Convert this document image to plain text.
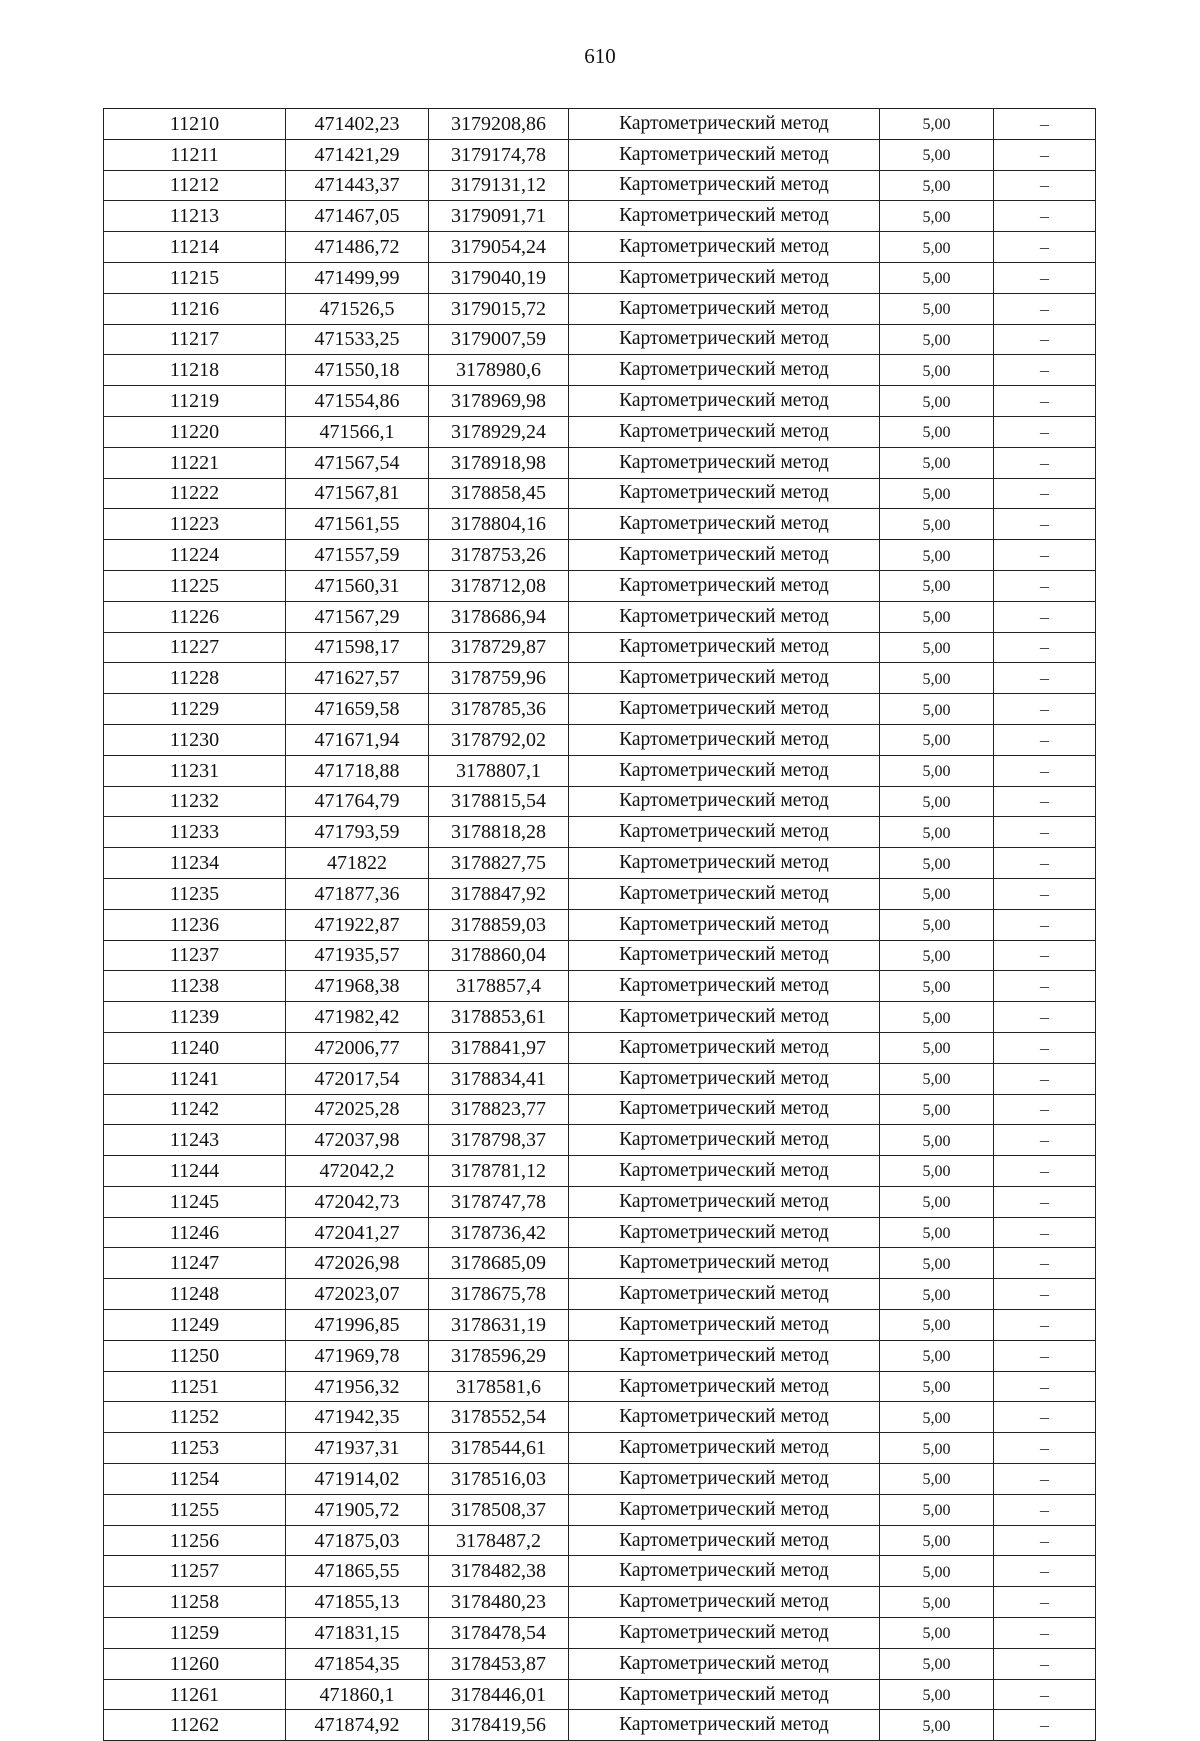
610
11210	471402,23	3179208,86	Картометрический метод	5,00	–
11211	471421,29	3179174,78	Картометрический метод	5,00	–
11212	471443,37	3179131,12	Картометрический метод	5,00	–
11213	471467,05	3179091,71	Картометрический метод	5,00	–
11214	471486,72	3179054,24	Картометрический метод	5,00	–
11215	471499,99	3179040,19	Картометрический метод	5,00	–
11216	471526,5	3179015,72	Картометрический метод	5,00	–
11217	471533,25	3179007,59	Картометрический метод	5,00	–
11218	471550,18	3178980,6	Картометрический метод	5,00	–
11219	471554,86	3178969,98	Картометрический метод	5,00	–
11220	471566,1	3178929,24	Картометрический метод	5,00	–
11221	471567,54	3178918,98	Картометрический метод	5,00	–
11222	471567,81	3178858,45	Картометрический метод	5,00	–
11223	471561,55	3178804,16	Картометрический метод	5,00	–
11224	471557,59	3178753,26	Картометрический метод	5,00	–
11225	471560,31	3178712,08	Картометрический метод	5,00	–
11226	471567,29	3178686,94	Картометрический метод	5,00	–
11227	471598,17	3178729,87	Картометрический метод	5,00	–
11228	471627,57	3178759,96	Картометрический метод	5,00	–
11229	471659,58	3178785,36	Картометрический метод	5,00	–
11230	471671,94	3178792,02	Картометрический метод	5,00	–
11231	471718,88	3178807,1	Картометрический метод	5,00	–
11232	471764,79	3178815,54	Картометрический метод	5,00	–
11233	471793,59	3178818,28	Картометрический метод	5,00	–
11234	471822	3178827,75	Картометрический метод	5,00	–
11235	471877,36	3178847,92	Картометрический метод	5,00	–
11236	471922,87	3178859,03	Картометрический метод	5,00	–
11237	471935,57	3178860,04	Картометрический метод	5,00	–
11238	471968,38	3178857,4	Картометрический метод	5,00	–
11239	471982,42	3178853,61	Картометрический метод	5,00	–
11240	472006,77	3178841,97	Картометрический метод	5,00	–
11241	472017,54	3178834,41	Картометрический метод	5,00	–
11242	472025,28	3178823,77	Картометрический метод	5,00	–
11243	472037,98	3178798,37	Картометрический метод	5,00	–
11244	472042,2	3178781,12	Картометрический метод	5,00	–
11245	472042,73	3178747,78	Картометрический метод	5,00	–
11246	472041,27	3178736,42	Картометрический метод	5,00	–
11247	472026,98	3178685,09	Картометрический метод	5,00	–
11248	472023,07	3178675,78	Картометрический метод	5,00	–
11249	471996,85	3178631,19	Картометрический метод	5,00	–
11250	471969,78	3178596,29	Картометрический метод	5,00	–
11251	471956,32	3178581,6	Картометрический метод	5,00	–
11252	471942,35	3178552,54	Картометрический метод	5,00	–
11253	471937,31	3178544,61	Картометрический метод	5,00	–
11254	471914,02	3178516,03	Картометрический метод	5,00	–
11255	471905,72	3178508,37	Картометрический метод	5,00	–
11256	471875,03	3178487,2	Картометрический метод	5,00	–
11257	471865,55	3178482,38	Картометрический метод	5,00	–
11258	471855,13	3178480,23	Картометрический метод	5,00	–
11259	471831,15	3178478,54	Картометрический метод	5,00	–
11260	471854,35	3178453,87	Картометрический метод	5,00	–
11261	471860,1	3178446,01	Картометрический метод	5,00	–
11262	471874,92	3178419,56	Картометрический метод	5,00	–
